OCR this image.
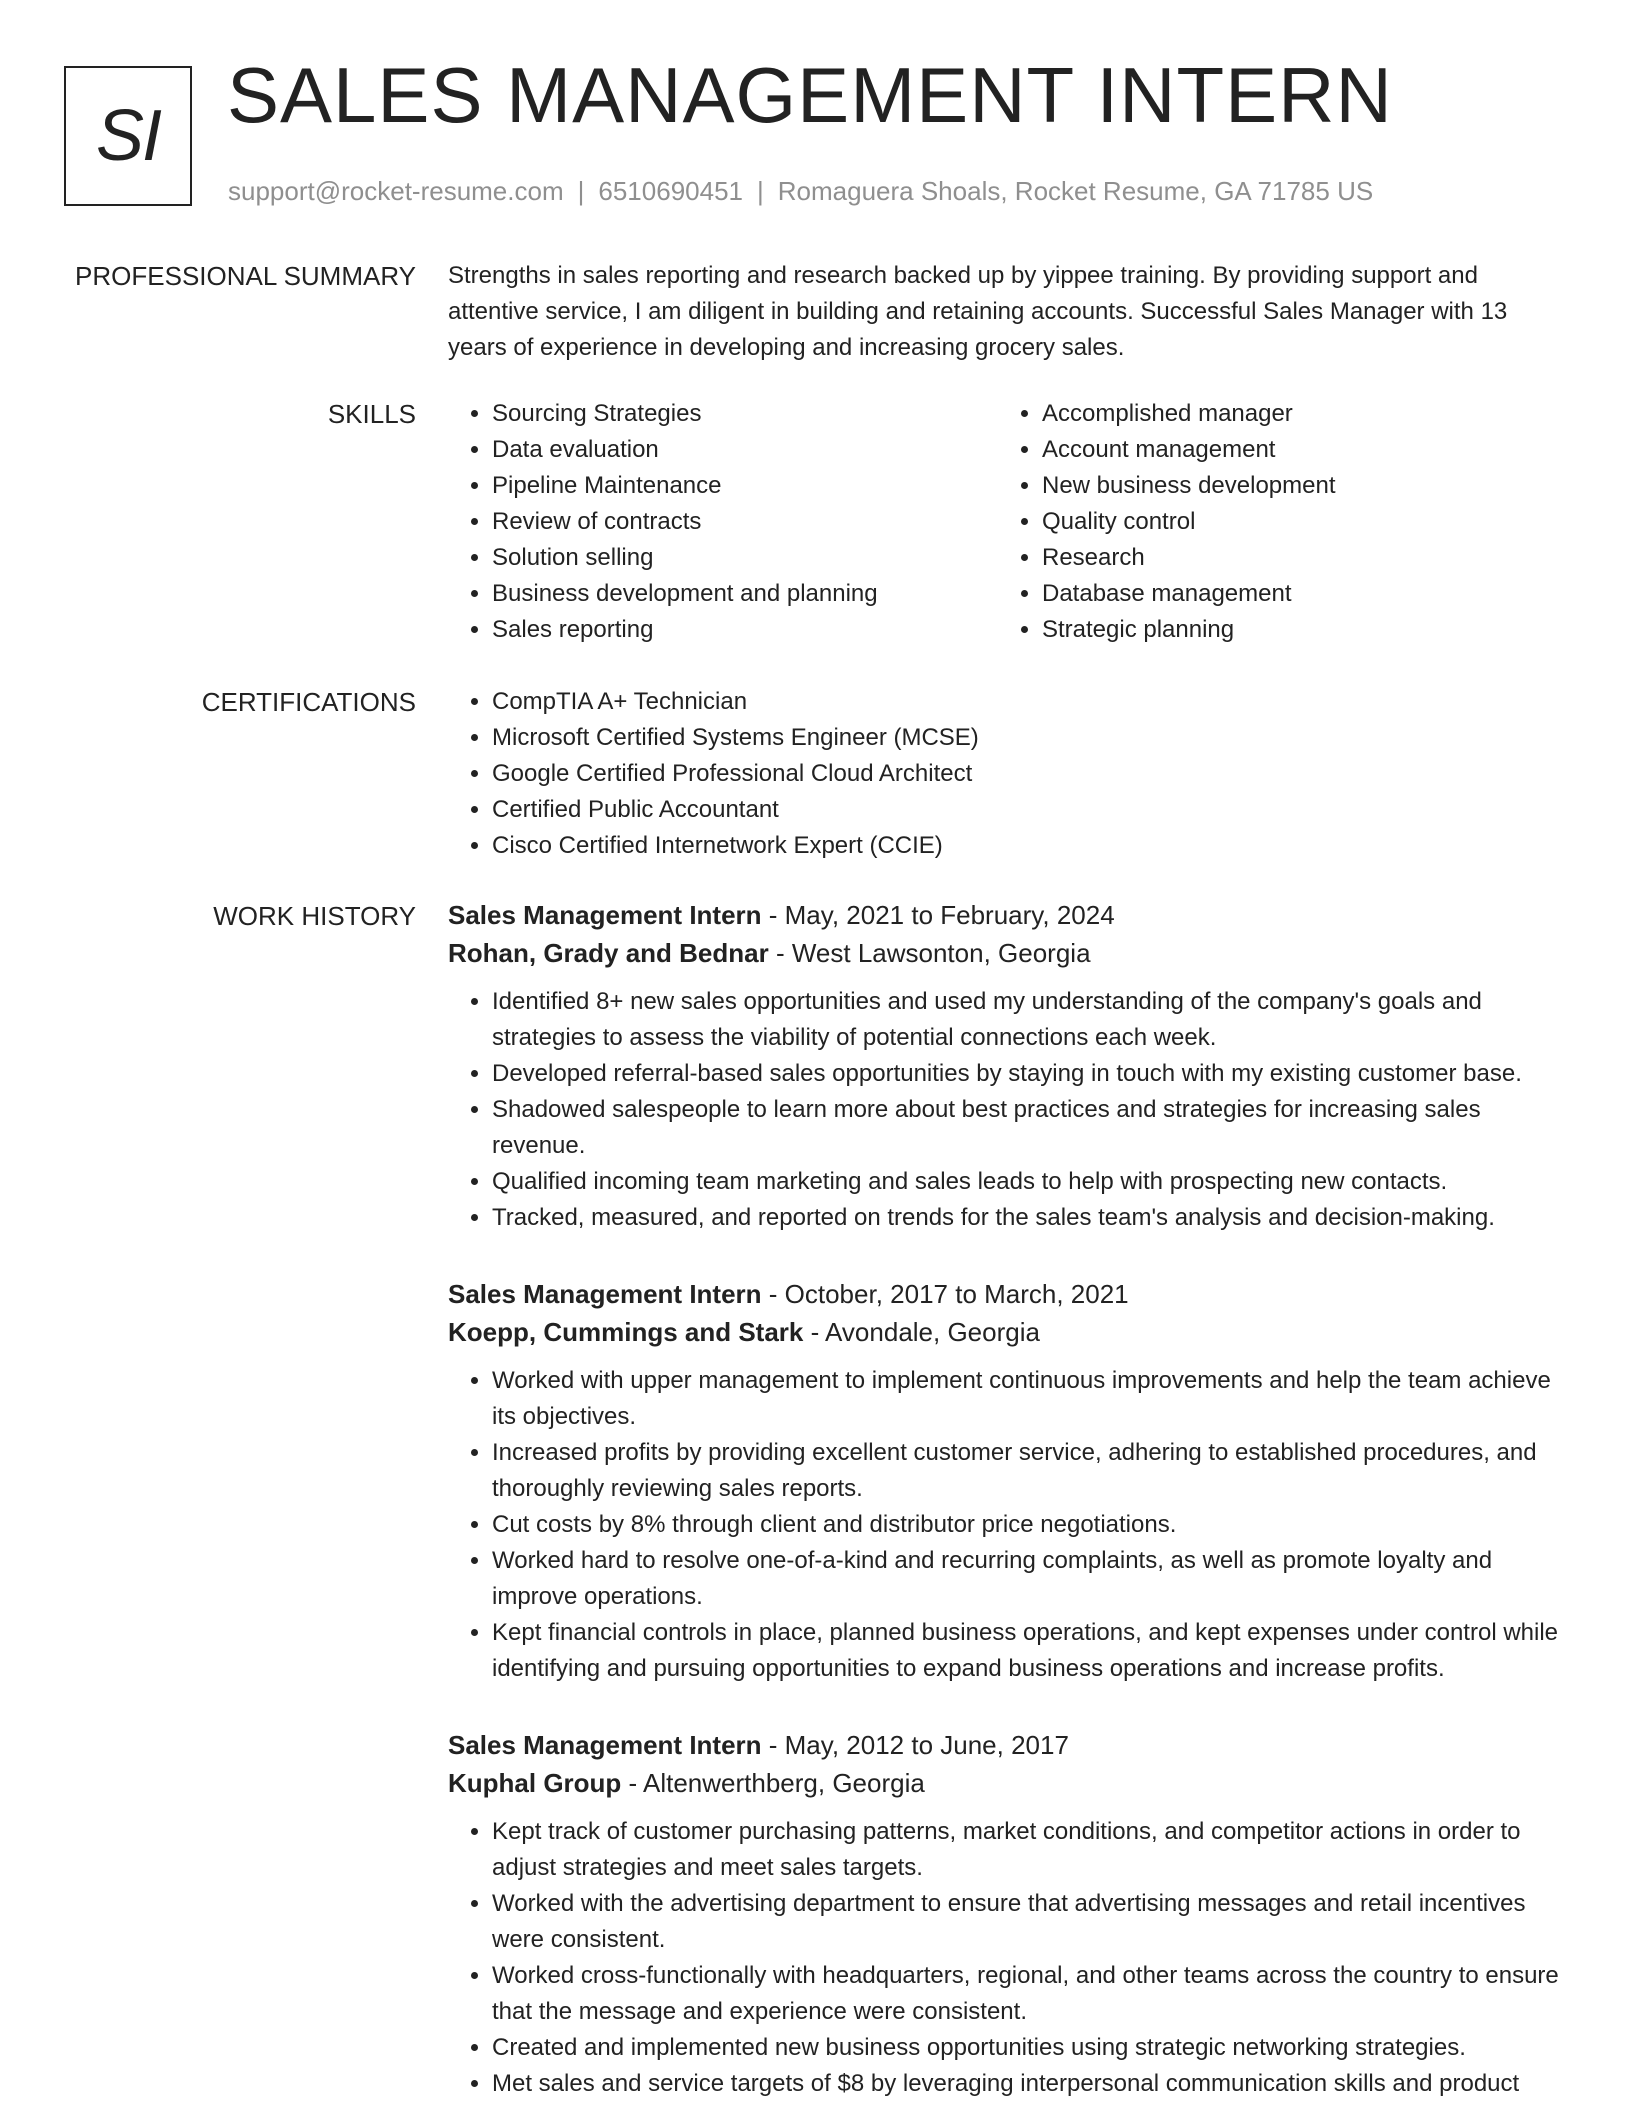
SI SALES MANAGEMENT INTERN
support@rocket-resume.com | 6510690451 | Romaguera Shoals, Rocket Resume, GA 71785 US
PROFESSIONAL SUMMARY Strengths in sales reporting and research backed up by yippee training. By providing support and attentive service, I am diligent in building and retaining accounts. Successful Sales Manager with 13 years of experience in developing and increasing grocery sales.
SKILLS	• Sourcing Strategies
• Data evaluation
• Pipeline Maintenance
• Review of contracts
• Solution selling
• Business development and planning
• Sales reporting
• Accomplished manager
• Account management
• New business development
• Quality control
• Research
• Database management
• Strategic planning
CERTIFICATIONS	• CompTIA A+ Technician
• Microsoft Certified Systems Engineer (MCSE)
• Google Certified Professional Cloud Architect
• Certified Public Accountant
• Cisco Certified Internetwork Expert (CCIE)
WORK HISTORY Sales Management Intern - May, 2021 to February, 2024
Rohan, Grady and Bednar - West Lawsonton, Georgia
• Identified 8+ new sales opportunities and used my understanding of the company's goals and strategies to assess the viability of potential connections each week.
• Developed referral-based sales opportunities by staying in touch with my existing customer base.
• Shadowed salespeople to learn more about best practices and strategies for increasing sales revenue.
• Qualified incoming team marketing and sales leads to help with prospecting new contacts.
• Tracked, measured, and reported on trends for the sales team's analysis and decision-making.
Sales Management Intern - October, 2017 to March, 2021
Koepp, Cummings and Stark - Avondale, Georgia
• Worked with upper management to implement continuous improvements and help the team achieve its objectives.
• Increased profits by providing excellent customer service, adhering to established procedures, and thoroughly reviewing sales reports.
• Cut costs by 8% through client and distributor price negotiations.
• Worked hard to resolve one-of-a-kind and recurring complaints, as well as promote loyalty and improve operations.
• Kept financial controls in place, planned business operations, and kept expenses under control while identifying and pursuing opportunities to expand business operations and increase profits.
Sales Management Intern - May, 2012 to June, 2017
Kuphal Group - Altenwerthberg, Georgia
• Kept track of customer purchasing patterns, market conditions, and competitor actions in order to adjust strategies and meet sales targets.
• Worked with the advertising department to ensure that advertising messages and retail incentives were consistent.
• Worked cross-functionally with headquarters, regional, and other teams across the country to ensure that the message and experience were consistent.
• Created and implemented new business opportunities using strategic networking strategies.
• Met sales and service targets of $8 by leveraging interpersonal communication skills and product
